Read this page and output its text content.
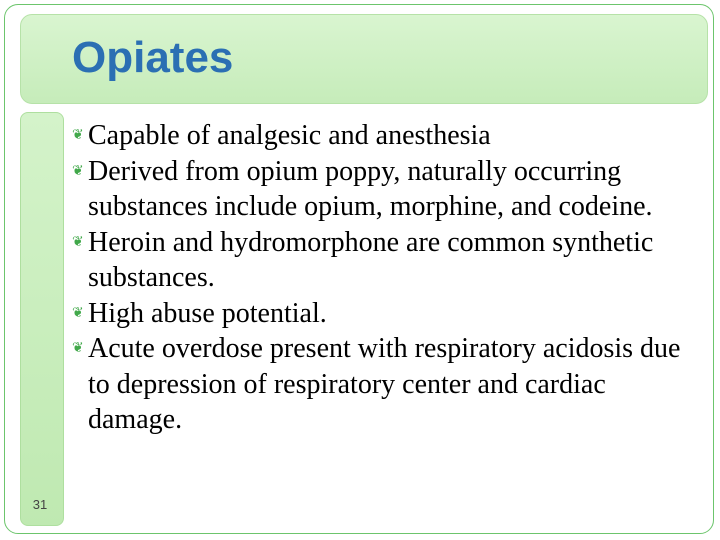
Opiates
31

❦ Capable of analgesic and anesthesia

❦ Derived from opium poppy, naturally occurring substances include opium, morphine, and codeine.

❦ Heroin and hydromorphone are common synthetic substances.

❦ High abuse potential.

❦ Acute overdose present with respiratory acidosis due to depression of respiratory center and cardiac damage.
